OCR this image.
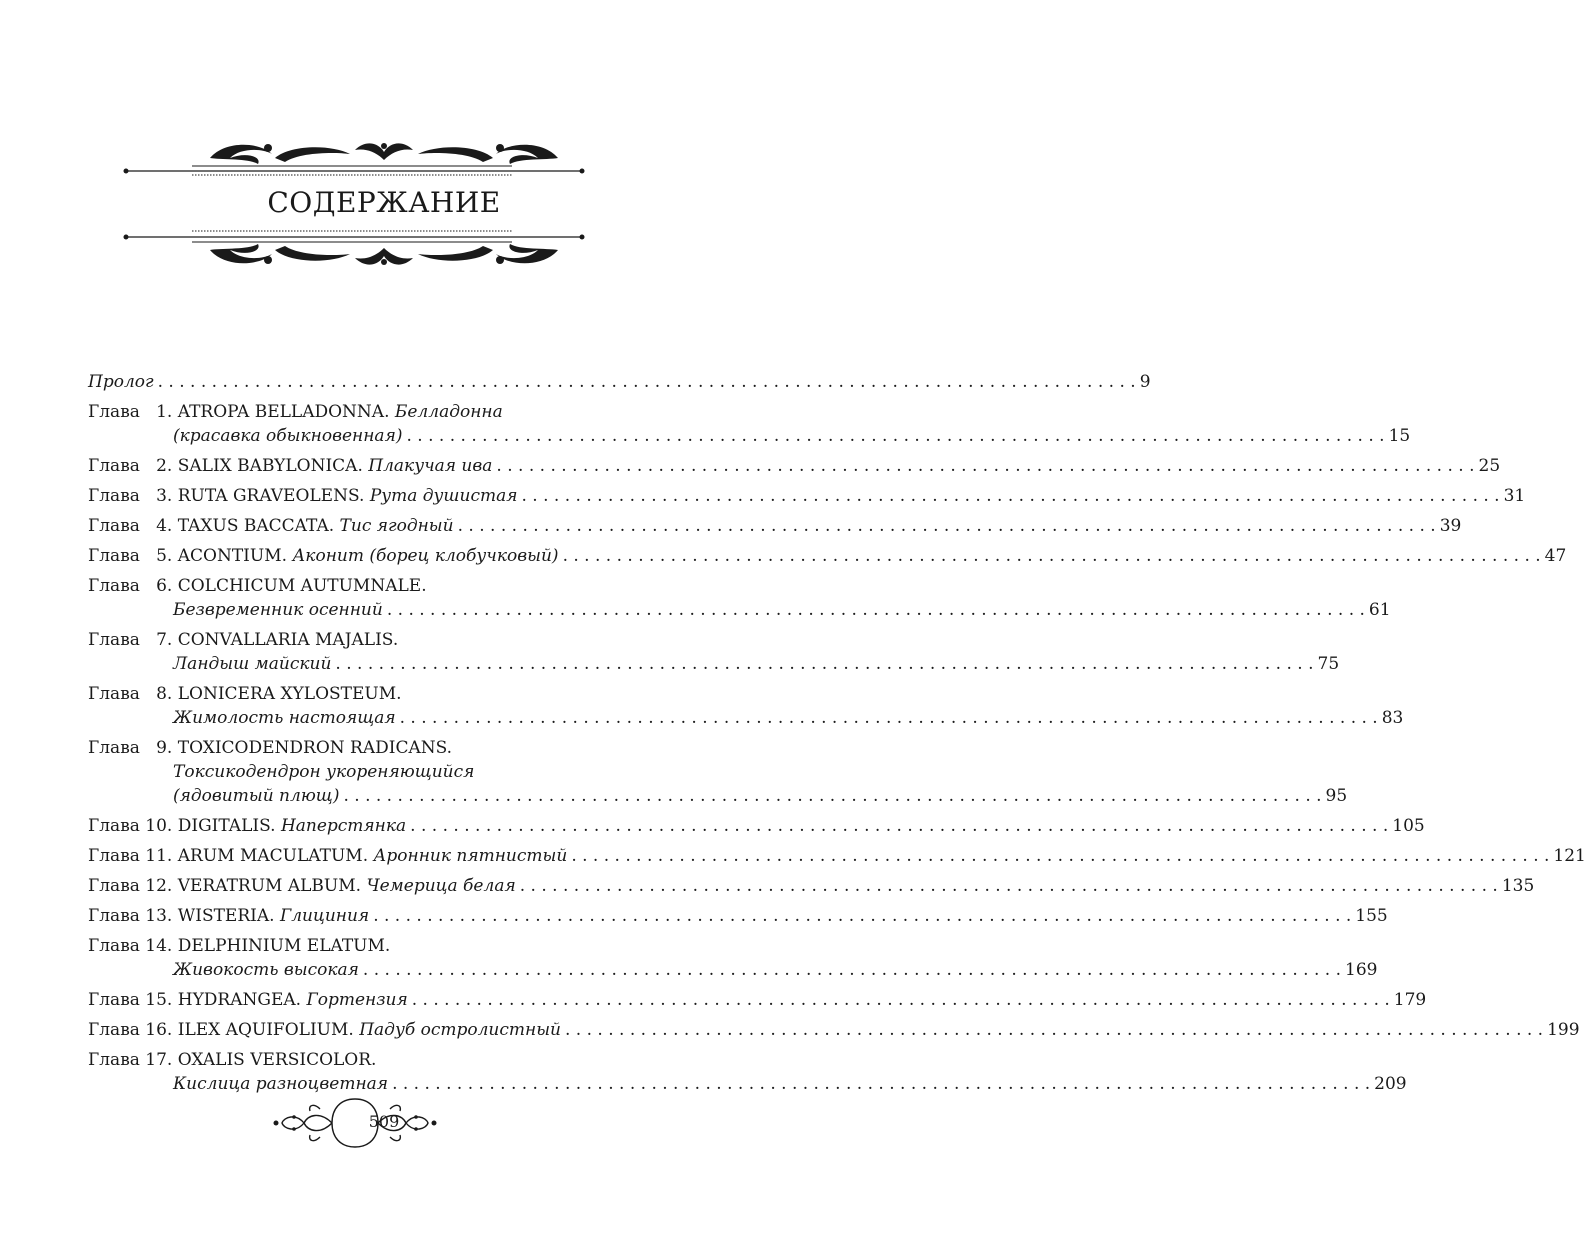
СОДЕРЖАНИЕ
Пролог . . .	9
Глава   1. ATROPA BELLADONNA. Белладонна
(красавка обыкновенная) . . .	15
Глава   2. SALIX BABYLONICA. Плакучая ива . . .	25
Глава   3. RUTA GRAVEOLENS. Рута душистая . . .	31
Глава   4. TAXUS BACCATA. Тис ягодный . . .	39
Глава   5. ACONTIUM. Аконит (борец клобучковый) . . .	47
Глава   6. COLCHICUM AUTUMNALE.
Безвременник осенний . . .	61
Глава   7. CONVALLARIA MAJALIS.
Ландыш майский . . .	75
Глава   8. LONICERA XYLOSTEUM.
Жимолость настоящая . . .	83
Глава   9. TOXICODENDRON RADICANS.
Токсикодендрон укореняющийся
(ядовитый плющ) . . .	95
Глава 10. DIGITALIS. Наперстянка . . .	105
Глава 11. ARUM MACULATUM. Аронник пятнистый . . .	121
Глава 12. VERATRUM ALBUM. Чемерица белая . . .	135
Глава 13. WISTERIA. Глициния . . .	155
Глава 14. DELPHINIUM ELATUM.
Живокость высокая . . .	169
Глава 15. HYDRANGEA. Гортензия . . .	179
Глава 16. ILEX AQUIFOLIUM. Падуб остролистный . . .	199
Глава 17. OXALIS VERSICOLOR.
Кислица разноцветная . . .	209
509
